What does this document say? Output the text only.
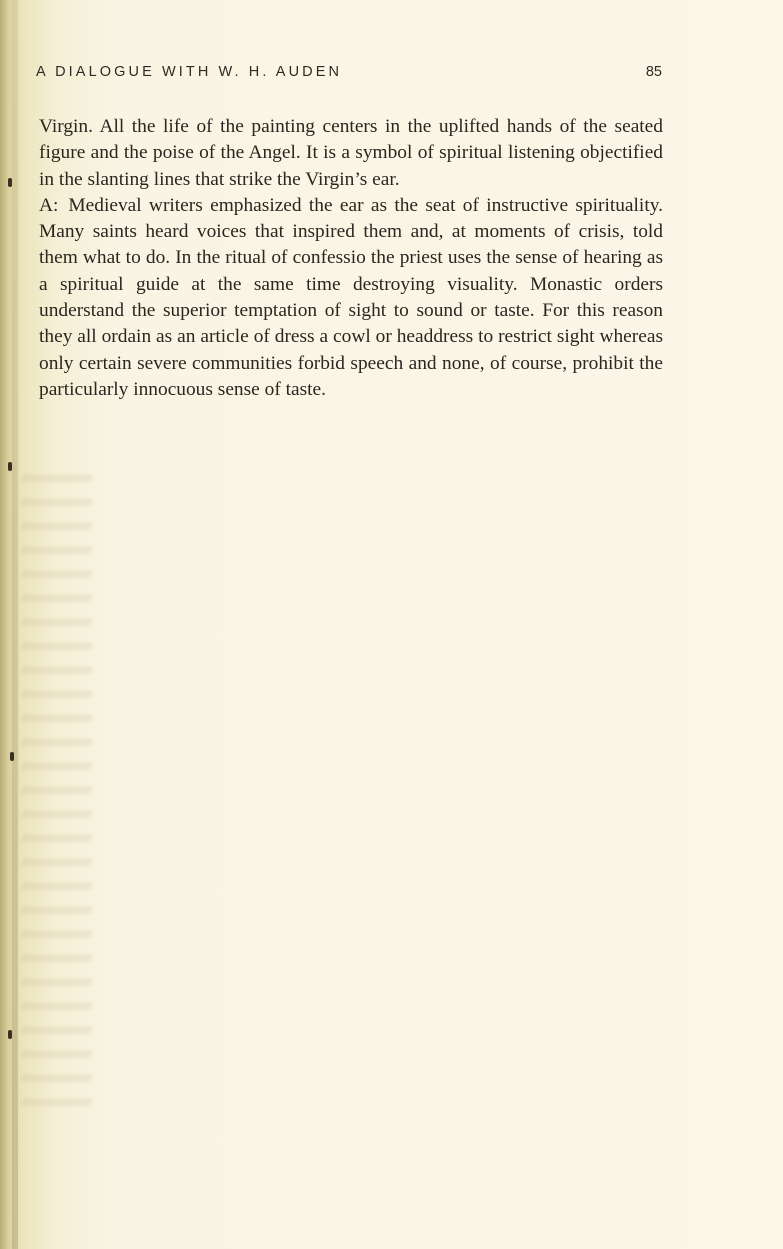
A DIALOGUE WITH W. H. AUDEN	85

Virgin. All the life of the painting centers in the uplifted hands of the seated figure and the poise of the Angel. It is a symbol of spiritual listening objectified in the slanting lines that strike the Virgin’s ear.

A: Medieval writers emphasized the ear as the seat of instructive spirituality. Many saints heard voices that inspired them and, at moments of crisis, told them what to do. In the ritual of confessio the priest uses the sense of hearing as a spiritual guide at the same time destroying visuality. Monastic orders understand the superior temptation of sight to sound or taste. For this reason they all ordain as an article of dress a cowl or headdress to restrict sight whereas only certain severe communities forbid speech and none, of course, prohibit the particularly innocuous sense of taste.
